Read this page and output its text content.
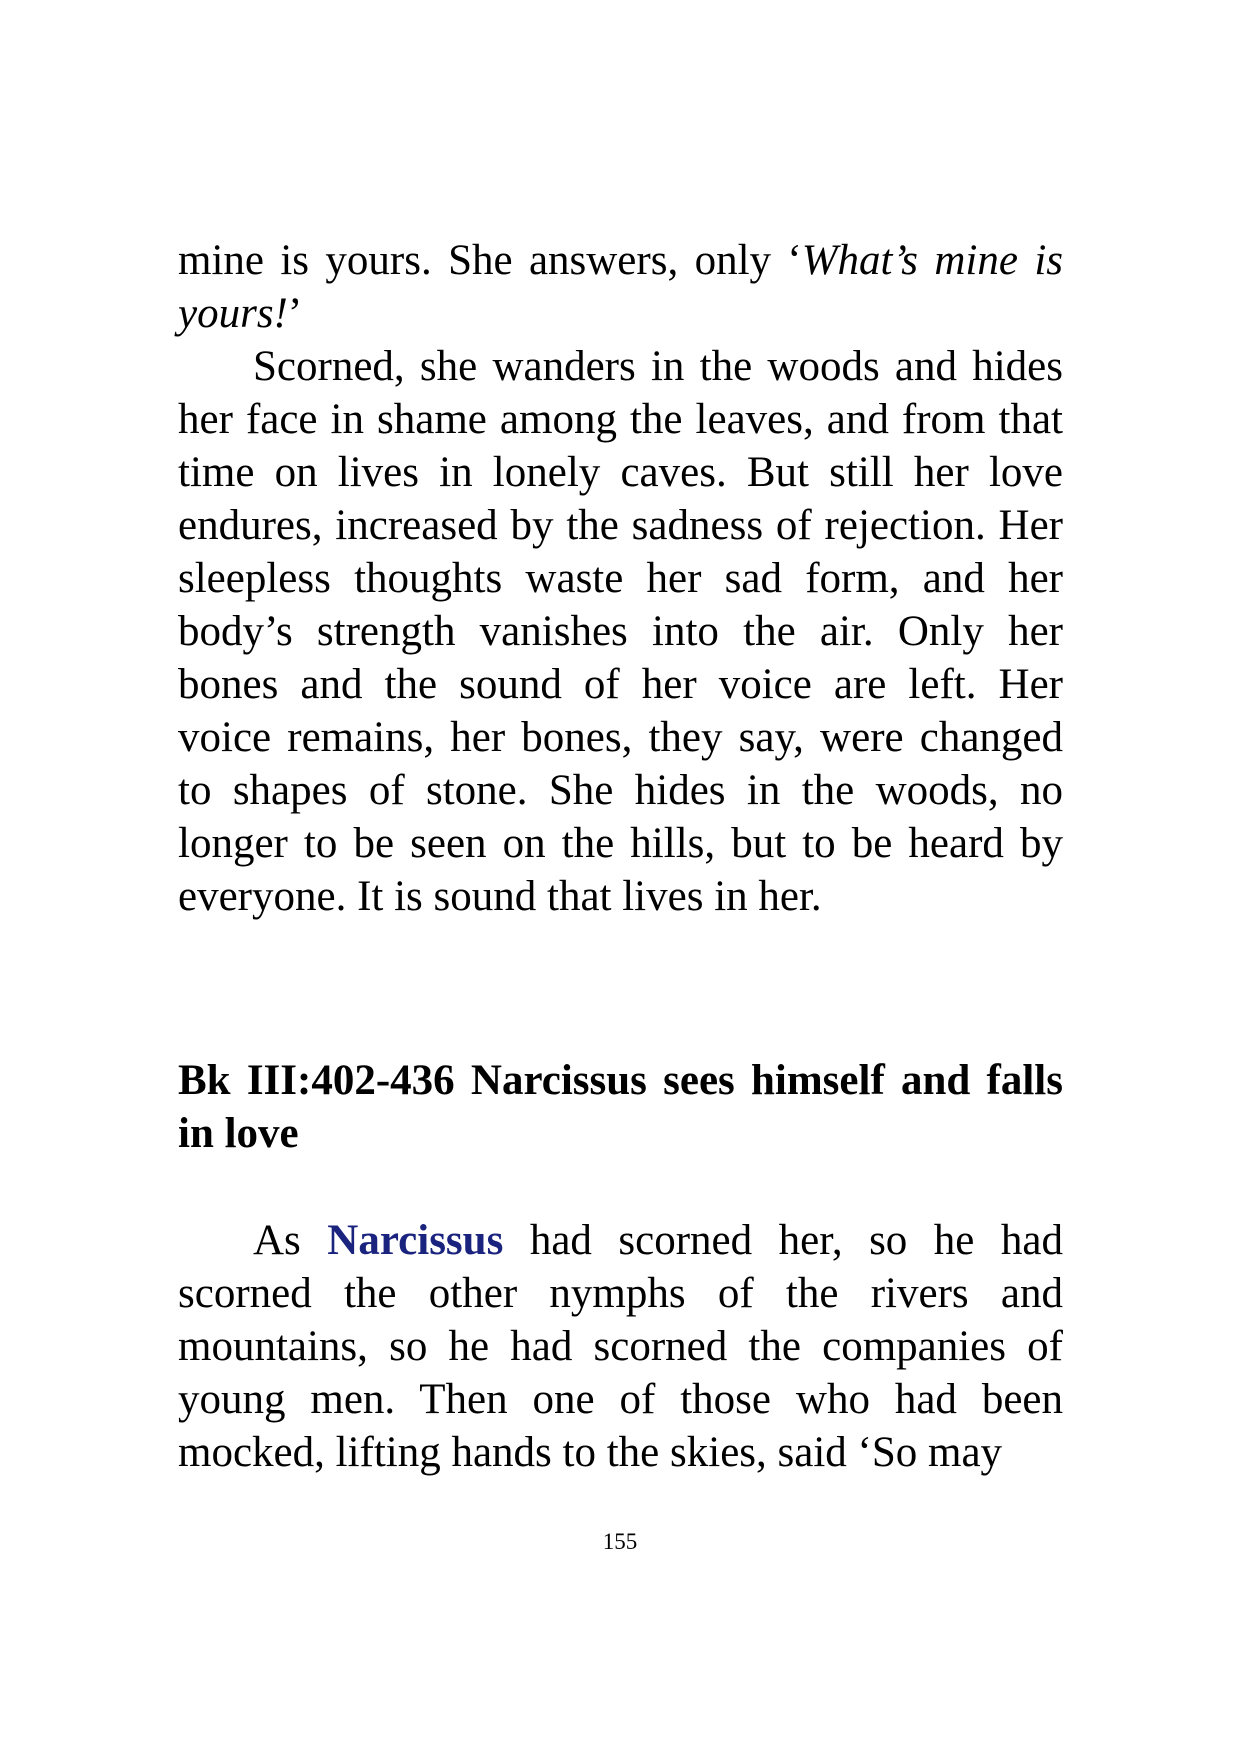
mine is yours. She answers, only ‘What’s mine is yours!’

Scorned, she wanders in the woods and hides her face in shame among the leaves, and from that time on lives in lonely caves. But still her love endures, increased by the sadness of rejection. Her sleepless thoughts waste her sad form, and her body’s strength vanishes into the air. Only her bones and the sound of her voice are left. Her voice remains, her bones, they say, were changed to shapes of stone. She hides in the woods, no longer to be seen on the hills, but to be heard by everyone. It is sound that lives in her.

Bk III:402-436 Narcissus sees himself and falls in love

As Narcissus had scorned her, so he had scorned the other nymphs of the rivers and mountains, so he had scorned the companies of young men. Then one of those who had been mocked, lifting hands to the skies, said ‘So may

155
